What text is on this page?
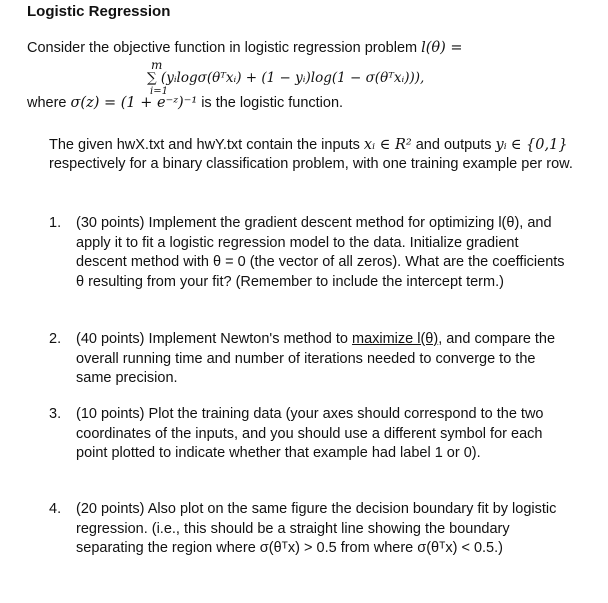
Logistic Regression
Consider the objective function in logistic regression problem l(θ) =
m
∑ (yᵢlogσ(θᵀxᵢ) + (1 − yᵢ)log(1 − σ(θᵀxᵢ))),
i=1
where σ(z) = (1 + e⁻ᶻ)⁻¹ is the logistic function.
The given hwX.txt and hwY.txt contain the inputs xᵢ ∈ R² and outputs yᵢ ∈ {0,1} respectively for a binary classification problem, with one training example per row.
1.	(30 points) Implement the gradient descent method for optimizing l(θ), and apply it to fit a logistic regression model to the data. Initialize gradient descent method with θ = 0 (the vector of all zeros). What are the coefficients θ resulting from your fit? (Remember to include the intercept term.)
2.	(40 points) Implement Newton's method to maximize l(θ), and compare the overall running time and number of iterations needed to converge to the same precision.
3.	(10 points) Plot the training data (your axes should correspond to the two coordinates of the inputs, and you should use a different symbol for each point plotted to indicate whether that example had label 1 or 0).
4.	(20 points) Also plot on the same figure the decision boundary fit by logistic regression. (i.e., this should be a straight line showing the boundary separating the region where σ(θᵀx) > 0.5 from where σ(θᵀx) < 0.5.)
